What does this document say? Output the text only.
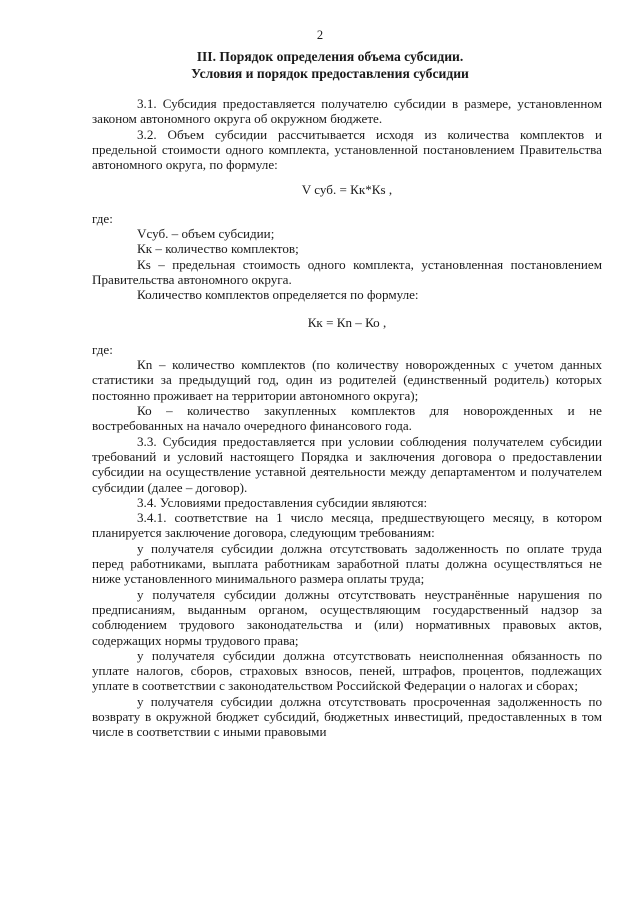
2
III. Порядок определения объема субсидии.
Условия и порядок предоставления субсидии

3.1. Субсидия предоставляется получателю субсидии в размере, установленном законом автономного округа об окружном бюджете.

3.2. Объем субсидии рассчитывается исходя из количества комплектов и предельной стоимости одного комплекта, установленной постановлением Правительства автономного округа, по формуле:

V суб. = Кк*Кs ,

где:

Vсуб. – объем субсидии;

Кк – количество комплектов;

Кs – предельная стоимость одного комплекта, установленная постановлением Правительства автономного округа.

Количество комплектов определяется по формуле:

Кк = Кn – Ко ,

где:

Кn – количество комплектов (по количеству новорожденных с учетом данных статистики за предыдущий год, один из родителей (единственный родитель) которых постоянно проживает на территории автономного округа);

Ко – количество закупленных комплектов для новорожденных и не востребованных на начало очередного финансового года.

3.3. Субсидия предоставляется при условии соблюдения получателем субсидии требований и условий настоящего Порядка и заключения договора о предоставлении субсидии на осуществление уставной деятельности между департаментом и получателем субсидии (далее – договор).

3.4. Условиями предоставления субсидии являются:

3.4.1. соответствие на 1 число месяца, предшествующего месяцу, в котором планируется заключение договора, следующим требованиям:

у получателя субсидии должна отсутствовать задолженность по оплате труда перед работниками, выплата работникам заработной платы должна осуществляться не ниже установленного минимального размера оплаты труда;

у получателя субсидии должны отсутствовать неустранённые нарушения по предписаниям, выданным органом, осуществляющим государственный надзор за соблюдением трудового законодательства и (или) нормативных правовых актов, содержащих нормы трудового права;

у получателя субсидии должна отсутствовать неисполненная обязанность по уплате налогов, сборов, страховых взносов, пеней, штрафов, процентов, подлежащих уплате в соответствии с законодательством Российской Федерации о налогах и сборах;

у получателя субсидии должна отсутствовать просроченная задолженность по возврату в окружной бюджет субсидий, бюджетных инвестиций, предоставленных в том числе в соответствии с иными правовыми
